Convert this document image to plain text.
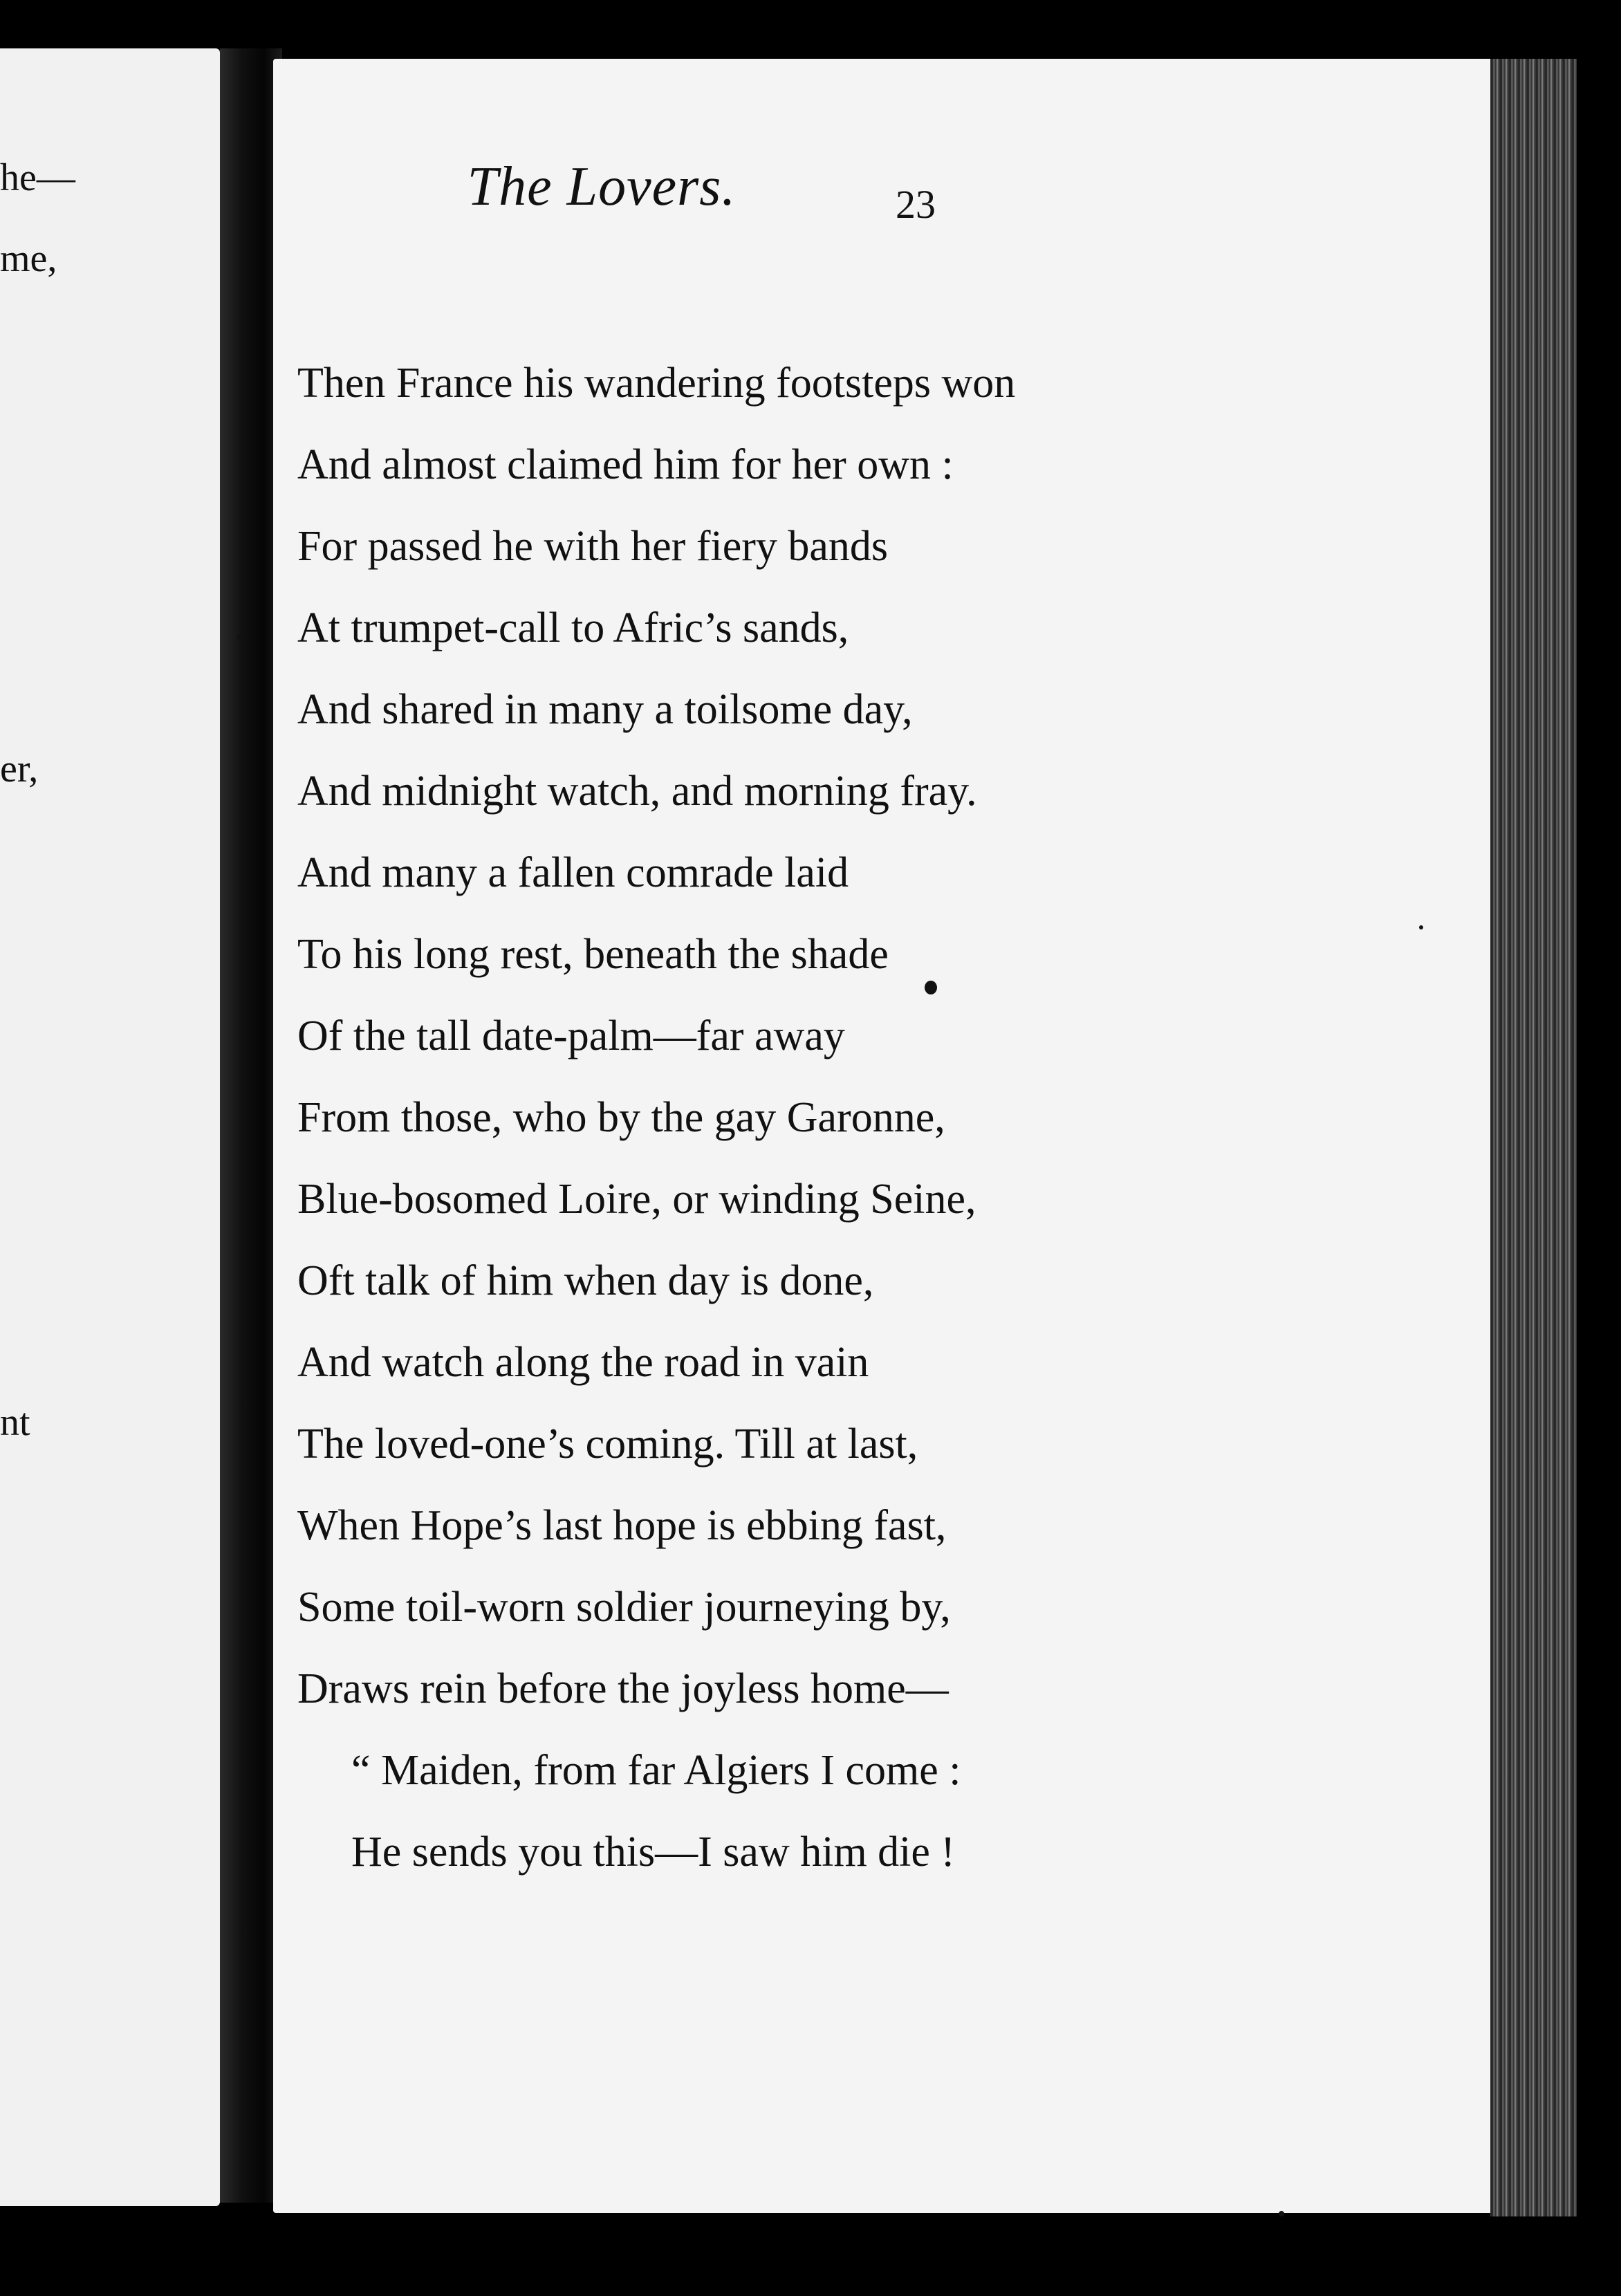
he—
me,
er,
nt
The Lovers.	23
Then France his wandering footsteps won
And almost claimed him for her own :
For passed he with her fiery bands
At trumpet-call to Afric’s sands,
And shared in many a toilsome day,
And midnight watch, and morning fray.
And many a fallen comrade laid
To his long rest, beneath the shade
Of the tall date-palm—far away
From those, who by the gay Garonne,
Blue-bosomed Loire, or winding Seine,
Oft talk of him when day is done,
And watch along the road in vain
The loved-one’s coming. Till at last,
When Hope’s last hope is ebbing fast,
Some toil-worn soldier journeying by,
Draws rein before the joyless home—
“ Maiden, from far Algiers I come :
He sends you this—I saw him die !
